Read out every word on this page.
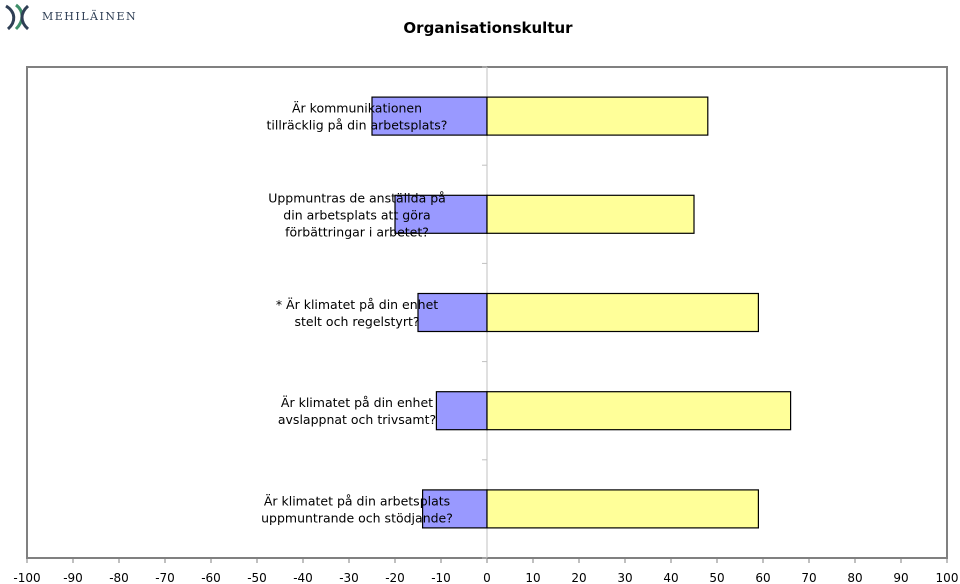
MEHILÄINEN
Organisationskultur
-100 -90 -80 -70 -60 -50 -40 -30 -20 -10	0	10	20	30	40	50	60	70	80	90 100
Är kommunikationen tillräcklig på din arbetsplats?
Uppmuntras de anställda på din arbetsplats att göra förbättringar i arbetet?
* Är klimatet på din enhet stelt och regelstyrt?
Är klimatet på din enhet avslappnat och trivsamt?
Är klimatet på din arbetsplats uppmuntrande och stödjande?
